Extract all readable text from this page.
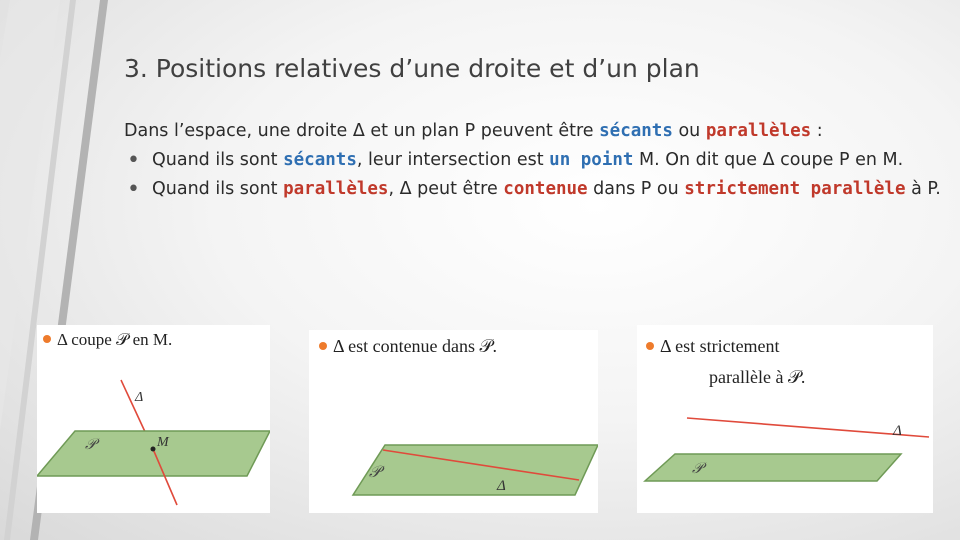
3. Positions relatives d’une droite et d’un plan

Dans l’espace, une droite Δ et un plan P peuvent être sécants ou parallèles :

• Quand ils sont sécants, leur intersection est un point M. On dit que Δ coupe P en M.
• Quand ils sont parallèles, Δ peut être contenue dans P ou strictement parallèle à P.
Δ coupe 𝒫 en M.
Δ
M
𝒫
Δ est contenue dans 𝒫.
𝒫
Δ
Δ est strictement
parallèle à 𝒫.
Δ
𝒫
